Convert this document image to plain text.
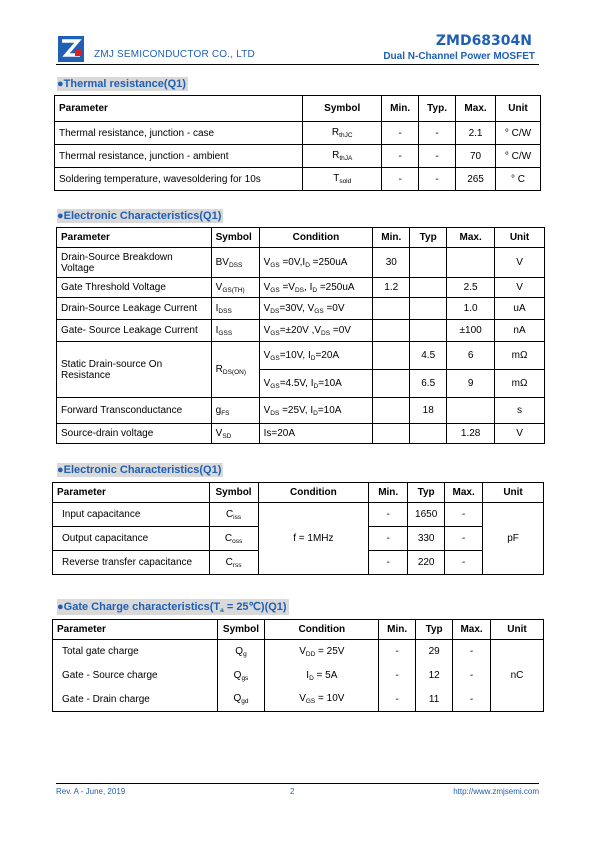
ZMJ SEMICONDUCTOR CO., LTD
ZMD68304N
Dual N-Channel Power MOSFET
●Thermal resistance(Q1)
Parameter	Symbol	Min.	Typ.	Max.	Unit
Thermal resistance, junction - case	$R_{thJC}$	-	-	2.1	° C/W
Thermal resistance, junction - ambient	$R_{thJA}$	-	-	70	° C/W
Soldering temperature, wavesoldering for 10s	$T_{sold}$	-	-	265	° C
●Electronic Characteristics(Q1)
Parameter	Symbol	Condition	Min.	Typ	Max.	Unit
Drain-Source Breakdown Voltage	$BV_{DSS}$	$V_{GS} =0V,I_D =250uA$	30			V
Gate Threshold Voltage	$V_{GS(TH)}$	$V_{GS} =V_{DS}$, $I_D =250uA$	1.2		2.5	V
Drain-Source Leakage Current	$I_{DSS}$	$V_{DS}=30V$, $V_{GS} =0V$			1.0	uA
Gate- Source Leakage Current	$I_{GSS}$	$V_{GS}=\pm 20V$ $,V_{DS} =0V$			±100	nA
Static Drain-source On Resistance	$R_{DS(ON)}$	$V_{GS}=10V$, $I_D=20A$		4.5	6	mΩ
		$V_{GS}=4.5V$, $I_D=10A$		6.5	9	mΩ
Forward Transconductance	$g_{FS}$	$V_{DS} =25V$, $I_D=10A$		18		s
Source-drain voltage	$V_{SD}$	Is=20A			1.28	V
●Electronic Characteristics(Q1)
Parameter	Symbol	Condition	Min.	Typ	Max.	Unit
Input capacitance	$C_{iss}$	f = 1MHz	-	1650	-	pF
Output capacitance	$C_{oss}$		-	330	-	
Reverse transfer capacitance	$C_{rss}$		-	220	-	
●Gate Charge $characteristics(T_a$ = 25℃)(Q1)
Parameter	Symbol	Condition	Min.	Typ	Max.	Unit
Total gate charge	$Q_g$	$V_{DD} = 25V$	-	29	-	nC
Gate - Source charge	$Q_{gs}$	$I_D = 5A$	-	12	-	
Gate - Drain charge	$Q_{gd}$	$V_{GS} = 10V$	-	11	-	
Rev. A - June, 2019	2	http://www.zmjsemi.com
